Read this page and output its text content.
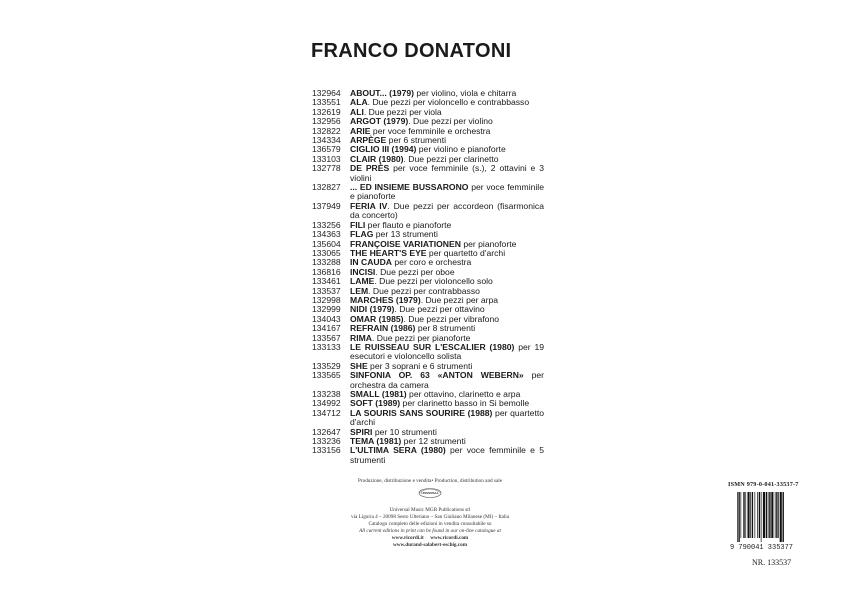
FRANCO DONATONI
132964	ABOUT... (1979) per violino, viola e chitarra
133551	ALA. Due pezzi per violoncello e contrabbasso
132619	ALI. Due pezzi per viola
132956	ARGOT (1979). Due pezzi per violino
132822	ARIE per voce femminile e orchestra
134334	ARPÈGE per 6 strumenti
136579	CIGLIO III (1994) per violino e pianoforte
133103	CLAIR (1980). Due pezzi per clarinetto
132778	DE PRÈS per voce femminile (s.), 2 ottavini e 3 violini
132827	... ED INSIEME BUSSARONO per voce femminile e pianoforte
137949	FERIA IV. Due pezzi per accordeon (fisarmonica da concerto)
133256	FILI per flauto e pianoforte
134363	FLAG per 13 strumenti
135604	FRANÇOISE VARIATIONEN per pianoforte
133065	THE HEART'S EYE per quartetto d'archi
133288	IN CAUDA per coro e orchestra
136816	INCISI. Due pezzi per oboe
133461	LAME. Due pezzi per violoncello solo
133537	LEM. Due pezzi per contrabbasso
132998	MARCHES (1979). Due pezzi per arpa
132999	NIDI (1979). Due pezzi per ottavino
134043	OMAR (1985). Due pezzi per vibrafono
134167	REFRAIN (1986) per 8 strumenti
133567	RIMA. Due pezzi per pianoforte
133133	LE RUISSEAU SUR L'ESCALIER (1980) per 19 esecutori e violoncello solista
133529	SHE per 3 soprani e 6 strumenti
133565	SINFONIA OP. 63 «ANTON WEBERN» per orchestra da camera
133238	SMALL (1981) per ottavino, clarinetto e arpa
134992	SOFT (1989) per clarinetto basso in Si bemolle
134712	LA SOURIS SANS SOURIRE (1988) per quartetto d'archi
132647	SPIRI per 10 strumenti
133236	TEMA (1981) per 12 strumenti
133156	L'ULTIMA SERA (1980) per voce femminile e 5 strumenti
Produzione, distribuzione e vendita• Production, distribution and sale
UNIVERSAL
Universal Music MGB Publications srl
via Liguria 4 – 20098 Sesto Ulteriano – San Giuliano Milanese (MI) – Italia
Catalogo completo delle edizioni in vendita consultabile su
All current editions in print can be found in our on-line catalogue at
www.ricordi.it www.ricordi.com
www.durand-salabert-eschig.com
ISMN 979-0-041-33537-7
9 790041 335377
NR. 133537
